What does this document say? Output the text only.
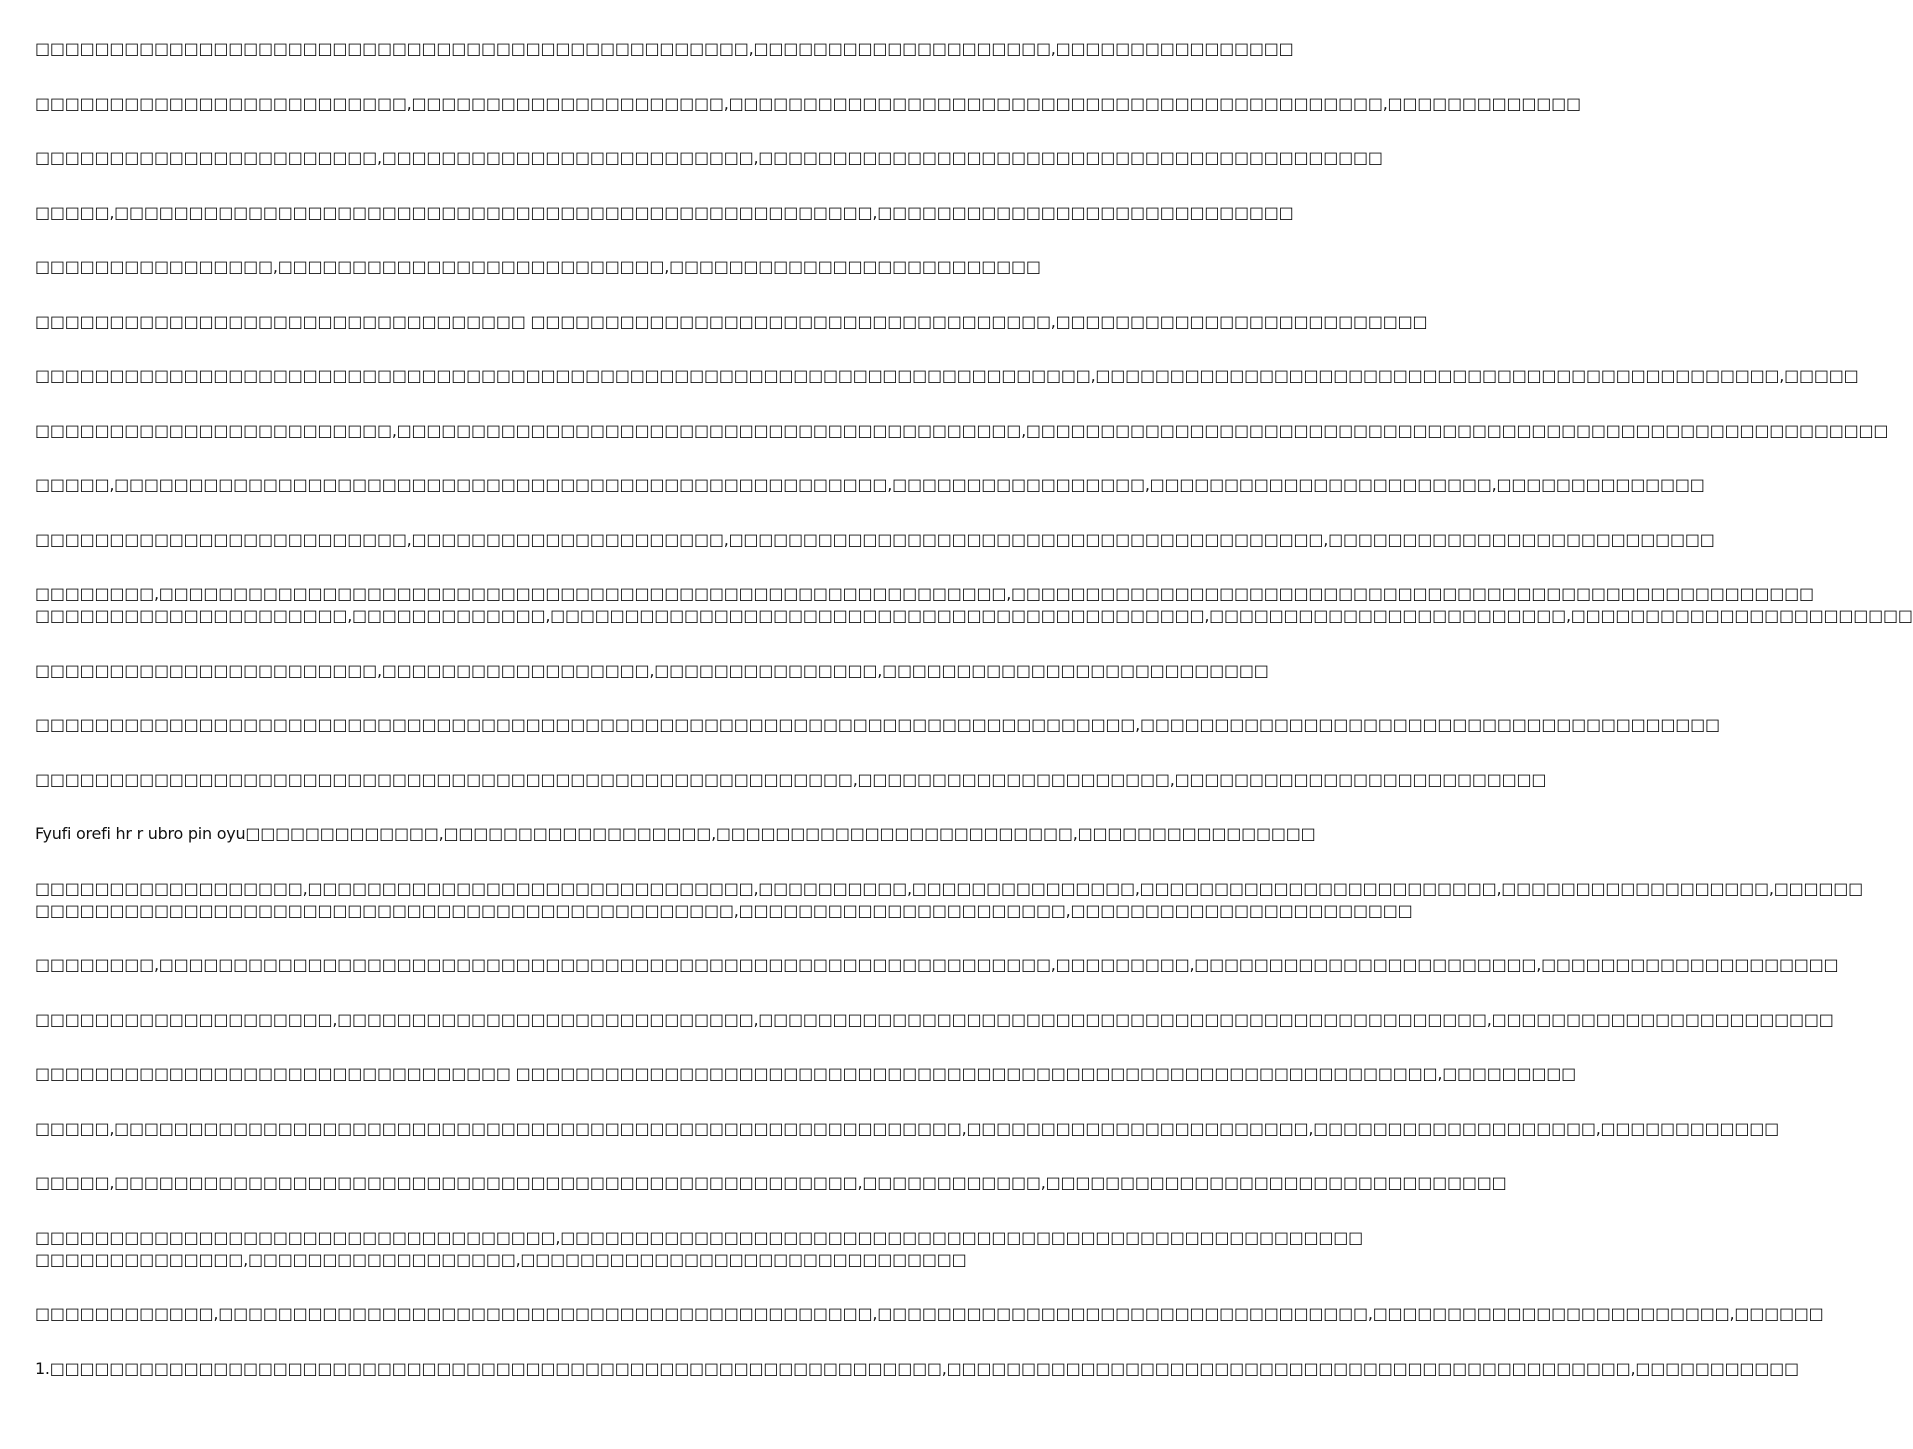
□□□□□□□□□□□□□□□□□□□□□□□□□□□□□□□□□□□□□□□□□□□□□□□□,□□□□□□□□□□□□□□□□□□□□,□□□□□□□□□□□□□□□□

□□□□□□□□□□□□□□□□□□□□□□□□□,□□□□□□□□□□□□□□□□□□□□□,□□□□□□□□□□□□□□□□□□□□□□□□□□□□□□□□□□□□□□□□□□□□,□□□□□□□□□□□□□

□□□□□□□□□□□□□□□□□□□□□□□,□□□□□□□□□□□□□□□□□□□□□□□□□,□□□□□□□□□□□□□□□□□□□□□□□□□□□□□□□□□□□□□□□□□□

□□□□□,□□□□□□□□□□□□□□□□□□□□□□□□□□□□□□□□□□□□□□□□□□□□□□□□□□□,□□□□□□□□□□□□□□□□□□□□□□□□□□□□

□□□□□□□□□□□□□□□□,□□□□□□□□□□□□□□□□□□□□□□□□□□,□□□□□□□□□□□□□□□□□□□□□□□□□

□□□□□□□□□□□□□□□□□□□□□□□□□□□□□□□□□ □□□□□□□□□□□□□□□□□□□□□□□□□□□□□□□□□□□,□□□□□□□□□□□□□□□□□□□□□□□□□

□□□□□□□□□□□□□□□□□□□□□□□□□□□□□□□□□□□□□□□□□□□□□□□□□□□□□□□□□□□□□□□□□□□□□□□,□□□□□□□□□□□□□□□□□□□□□□□□□□□□□□□□□□□□□□□□□□□□□□,□□□□□

□□□□□□□□□□□□□□□□□□□□□□□□,□□□□□□□□□□□□□□□□□□□□□□□□□□□□□□□□□□□□□□□□□□,□□□□□□□□□□□□□□□□□□□□□□□□□□□□□□□□□□□□□□□□□□□□□□□□□□□□□□□□□□

□□□□□,□□□□□□□□□□□□□□□□□□□□□□□□□□□□□□□□□□□□□□□□□□□□□□□□□□□□,□□□□□□□□□□□□□□□□□,□□□□□□□□□□□□□□□□□□□□□□□,□□□□□□□□□□□□□□

□□□□□□□□□□□□□□□□□□□□□□□□□,□□□□□□□□□□□□□□□□□□□□□,□□□□□□□□□□□□□□□□□□□□□□□□□□□□□□□□□□□□□□□□,□□□□□□□□□□□□□□□□□□□□□□□□□□

□□□□□□□□,□□□□□□□□□□□□□□□□□□□□□□□□□□□□□□□□□□□□□□□□□□□□□□□□□□□□□□□□□,□□□□□□□□□□□□□□□□□□□□□□□□□□□□□□□□□□□□□□□□□□□□□□□□□□□□□□
□□□□□□□□□□□□□□□□□□□□□,□□□□□□□□□□□□□,□□□□□□□□□□□□□□□□□□□□□□□□□□□□□□□□□□□□□□□□□□□□,□□□□□□□□□□□□□□□□□□□□□□□□,□□□□□□□□□□□□□□□□□□□□□□□

□□□□□□□□□□□□□□□□□□□□□□□,□□□□□□□□□□□□□□□□□□,□□□□□□□□□□□□□□□,□□□□□□□□□□□□□□□□□□□□□□□□□□

□□□□□□□□□□□□□□□□□□□□□□□□□□□□□□□□□□□□□□□□□□□□□□□□□□□□□□□□□□□□□□□□□□□□□□□□□□,□□□□□□□□□□□□□□□□□□□□□□□□□□□□□□□□□□□□□□□

□□□□□□□□□□□□□□□□□□□□□□□□□□□□□□□□□□□□□□□□□□□□□□□□□□□□□□□,□□□□□□□□□□□□□□□□□□□□□,□□□□□□□□□□□□□□□□□□□□□□□□□

Fyufi orefi hr r ubro pin oyu□□□□□□□□□□□□□,□□□□□□□□□□□□□□□□□□,□□□□□□□□□□□□□□□□□□□□□□□□,□□□□□□□□□□□□□□□□

□□□□□□□□□□□□□□□□□□,□□□□□□□□□□□□□□□□□□□□□□□□□□□□□□,□□□□□□□□□□,□□□□□□□□□□□□□□□,□□□□□□□□□□□□□□□□□□□□□□□□,□□□□□□□□□□□□□□□□□□,□□□□□□
□□□□□□□□□□□□□□□□□□□□□□□□□□□□□□□□□□□□□□□□□□□□□□□,□□□□□□□□□□□□□□□□□□□□□□,□□□□□□□□□□□□□□□□□□□□□□□

□□□□□□□□,□□□□□□□□□□□□□□□□□□□□□□□□□□□□□□□□□□□□□□□□□□□□□□□□□□□□□□□□□□□□,□□□□□□□□□,□□□□□□□□□□□□□□□□□□□□□□□,□□□□□□□□□□□□□□□□□□□□

□□□□□□□□□□□□□□□□□□□□,□□□□□□□□□□□□□□□□□□□□□□□□□□□□,□□□□□□□□□□□□□□□□□□□□□□□□□□□□□□□□□□□□□□□□□□□□□□□□□,□□□□□□□□□□□□□□□□□□□□□□□

□□□□□□□□□□□□□□□□□□□□□□□□□□□□□□□□ □□□□□□□□□□□□□□□□□□□□□□□□□□□□□□□□□□□□□□□□□□□□□□□□□□□□□□□□□□□□□□,□□□□□□□□□

□□□□□,□□□□□□□□□□□□□□□□□□□□□□□□□□□□□□□□□□□□□□□□□□□□□□□□□□□□□□□□□,□□□□□□□□□□□□□□□□□□□□□□□,□□□□□□□□□□□□□□□□□□□,□□□□□□□□□□□□

□□□□□,□□□□□□□□□□□□□□□□□□□□□□□□□□□□□□□□□□□□□□□□□□□□□□□□□□,□□□□□□□□□□□□,□□□□□□□□□□□□□□□□□□□□□□□□□□□□□□□

□□□□□□□□□□□□□□□□□□□□□□□□□□□□□□□□□□□,□□□□□□□□□□□□□□□□□□□□□□□□□□□□□□□□□□□□□□□□□□□□□□□□□□□□□□
□□□□□□□□□□□□□□,□□□□□□□□□□□□□□□□□□,□□□□□□□□□□□□□□□□□□□□□□□□□□□□□□

□□□□□□□□□□□□,□□□□□□□□□□□□□□□□□□□□□□□□□□□□□□□□□□□□□□□□□□□□,□□□□□□□□□□□□□□□□□□□□□□□□□□□□□□□□□,□□□□□□□□□□□□□□□□□□□□□□□□,□□□□□□

1.□□□□□□□□□□□□□□□□□□□□□□□□□□□□□□□□□□□□□□□□□□□□□□□□□□□□□□□□□□□□,□□□□□□□□□□□□□□□□□□□□□□□□□□□□□□□□□□□□□□□□□□□□□□,□□□□□□□□□□□
